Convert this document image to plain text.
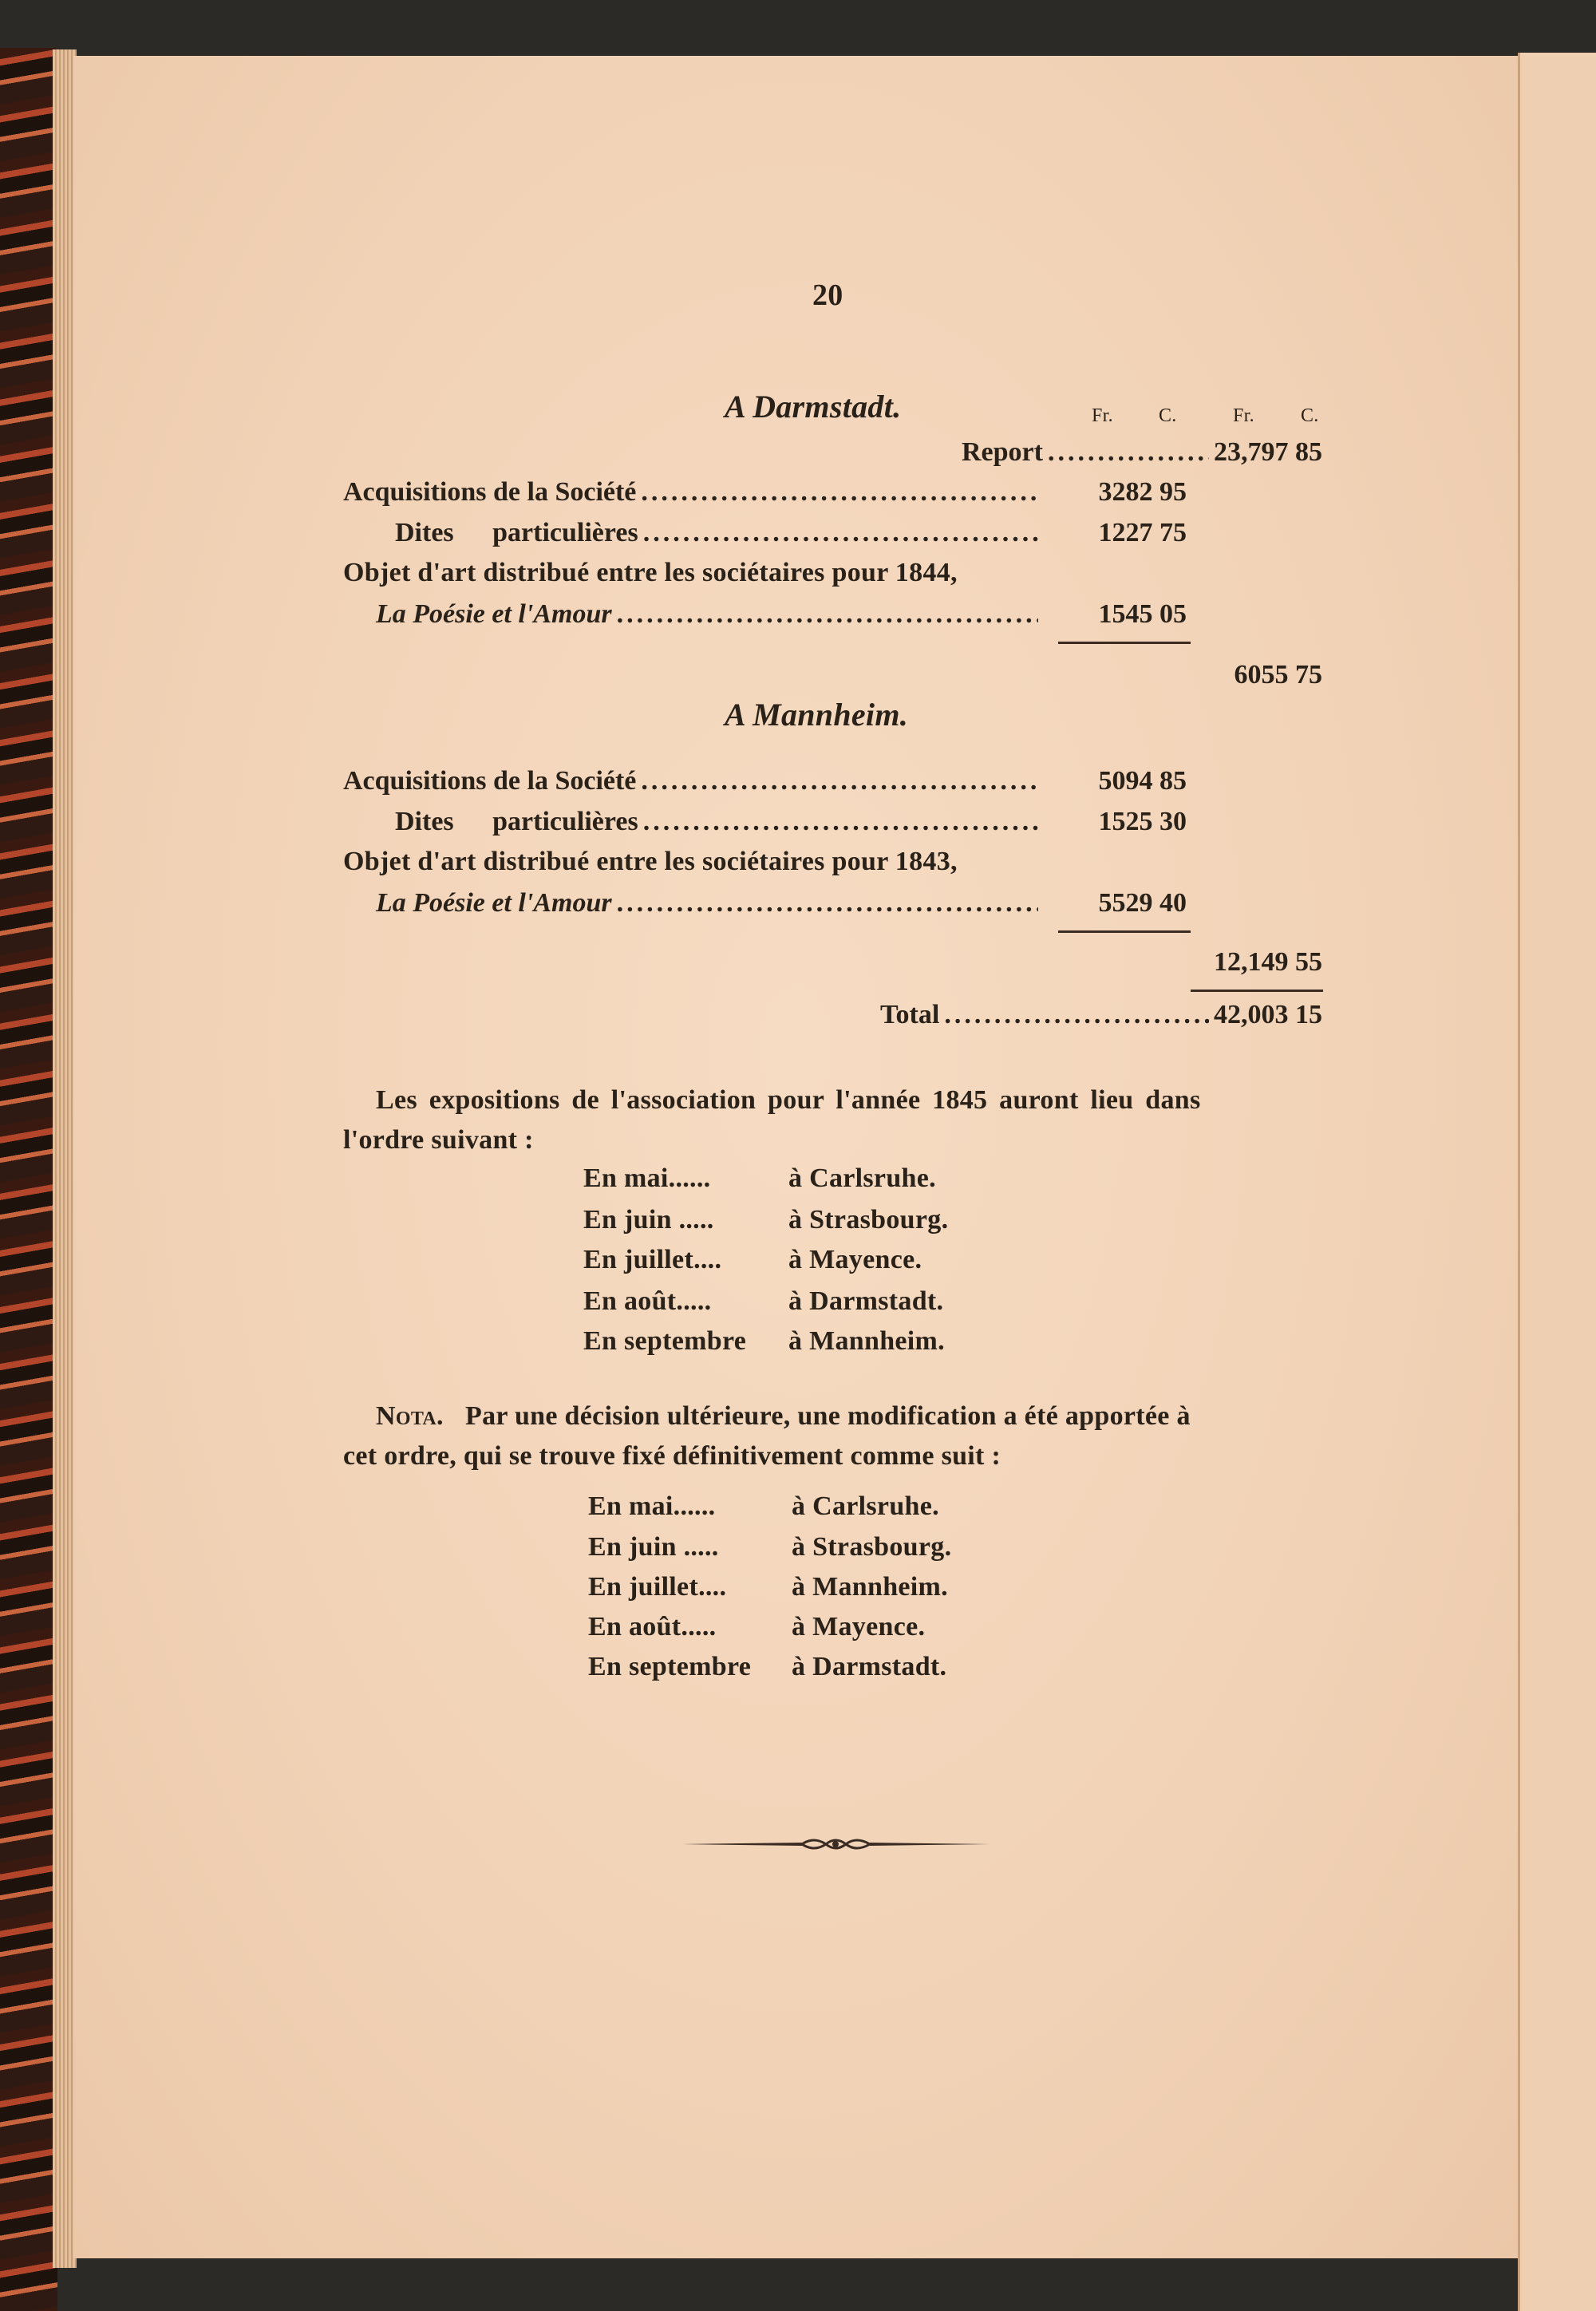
20
A Darmstadt.	Fr. C.	Fr. C.
Report .....	23,797 85
Acquisitions de la Société .....	3282 95
Dites particulières .....	1227 75
Objet d'art distribué entre les sociétaires pour 1844,
La Poésie et l'Amour .....	1545 05
6055 75
A Mannheim.
Acquisitions de la Société .....	5094 85
Dites particulières .....	1525 30
Objet d'art distribué entre les sociétaires pour 1843,
La Poésie et l'Amour .....	5529 40
12,149 55
Total .....	42,003 15
Les expositions de l'association pour l'année 1845 auront lieu dans
l'ordre suivant :
En mai......	à Carlsruhe.
En juin .....	à Strasbourg.
En juillet.... à Mayence.
En août.....	à Darmstadt.
En septembre à Mannheim.
Nota. Par une décision ultérieure, une modification a été apportée à
cet ordre, qui se trouve fixé définitivement comme suit :
En mai......	à Carlsruhe.
En juin .....	à Strasbourg.
En juillet.... à Mannheim.
En août.....	à Mayence.
En septembre à Darmstadt.
